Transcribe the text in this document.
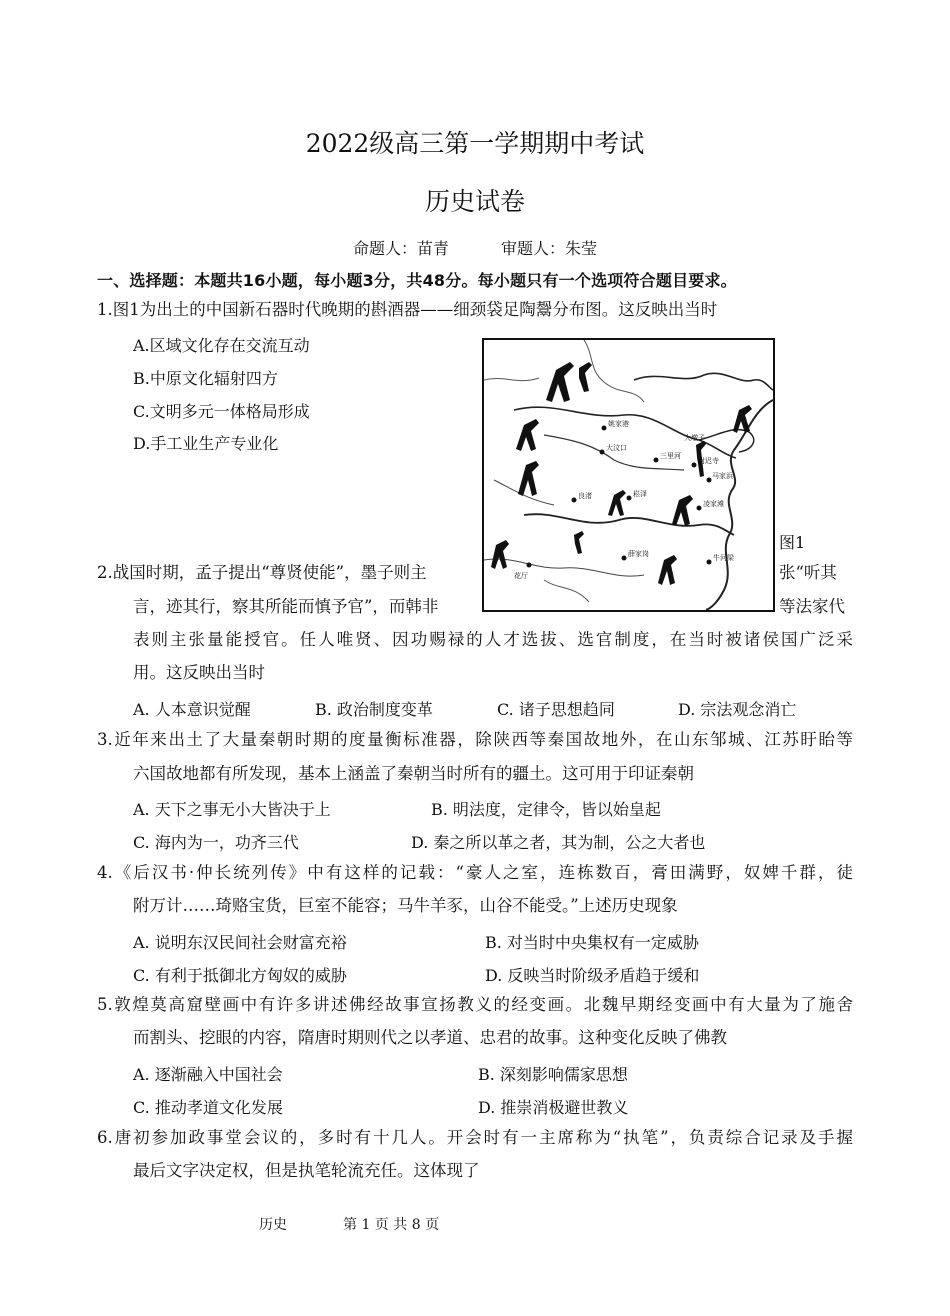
2022级高三第一学期期中考试
历史试卷
命题人：苗青	审题人：朱莹
一、选择题：本题共16小题，每小题3分，共48分。每小题只有一个选项符合题目要求。
1.图1为出土的中国新石器时代晚期的斟酒器——细颈袋足陶鬶分布图。这反映出当时
A.区域文化存在交流互动
B.中原文化辐射四方
C.文明多元一体格局形成
D.手工业生产专业化
姚家港
大汶口
三里河
尉迟寺
马家浜
良渚	崧泽
凌家滩
薛家岗	牛河梁
花厅
大墩子
图1
2.战国时期，孟子提出“尊贤使能”，墨子则主	张“听其
言，迹其行，察其所能而慎予官”，而韩非	等法家代
表则主张量能授官。任人唯贤、因功赐禄的人才选拔、选官制度，在当时被诸侯国广泛采
用。这反映出当时
A. 人本意识觉醒	B. 政治制度变革	C. 诸子思想趋同	D. 宗法观念消亡
3.近年来出土了大量秦朝时期的度量衡标准器，除陕西等秦国故地外，在山东邹城、江苏盱眙等
六国故地都有所发现，基本上涵盖了秦朝当时所有的疆土。这可用于印证秦朝
A. 天下之事无小大皆决于上	B. 明法度，定律令，皆以始皇起
C. 海内为一，功齐三代	D. 秦之所以革之者，其为制，公之大者也
4.《后汉书·仲长统列传》中有这样的记载：“豪人之室，连栋数百，膏田满野，奴婢千群，徒
附万计……琦赂宝货，巨室不能容；马牛羊豕，山谷不能受。”上述历史现象
A. 说明东汉民间社会财富充裕	B. 对当时中央集权有一定威胁
C. 有利于抵御北方匈奴的威胁	D. 反映当时阶级矛盾趋于缓和
5.敦煌莫高窟壁画中有许多讲述佛经故事宣扬教义的经变画。北魏早期经变画中有大量为了施舍
而割头、挖眼的内容，隋唐时期则代之以孝道、忠君的故事。这种变化反映了佛教
A. 逐渐融入中国社会	B. 深刻影响儒家思想
C. 推动孝道文化发展	D. 推崇消极避世教义
6.唐初参加政事堂会议的，多时有十几人。开会时有一主席称为“执笔”，负责综合记录及手握
最后文字决定权，但是执笔轮流充任。这体现了
历史	第 1 页 共 8 页
